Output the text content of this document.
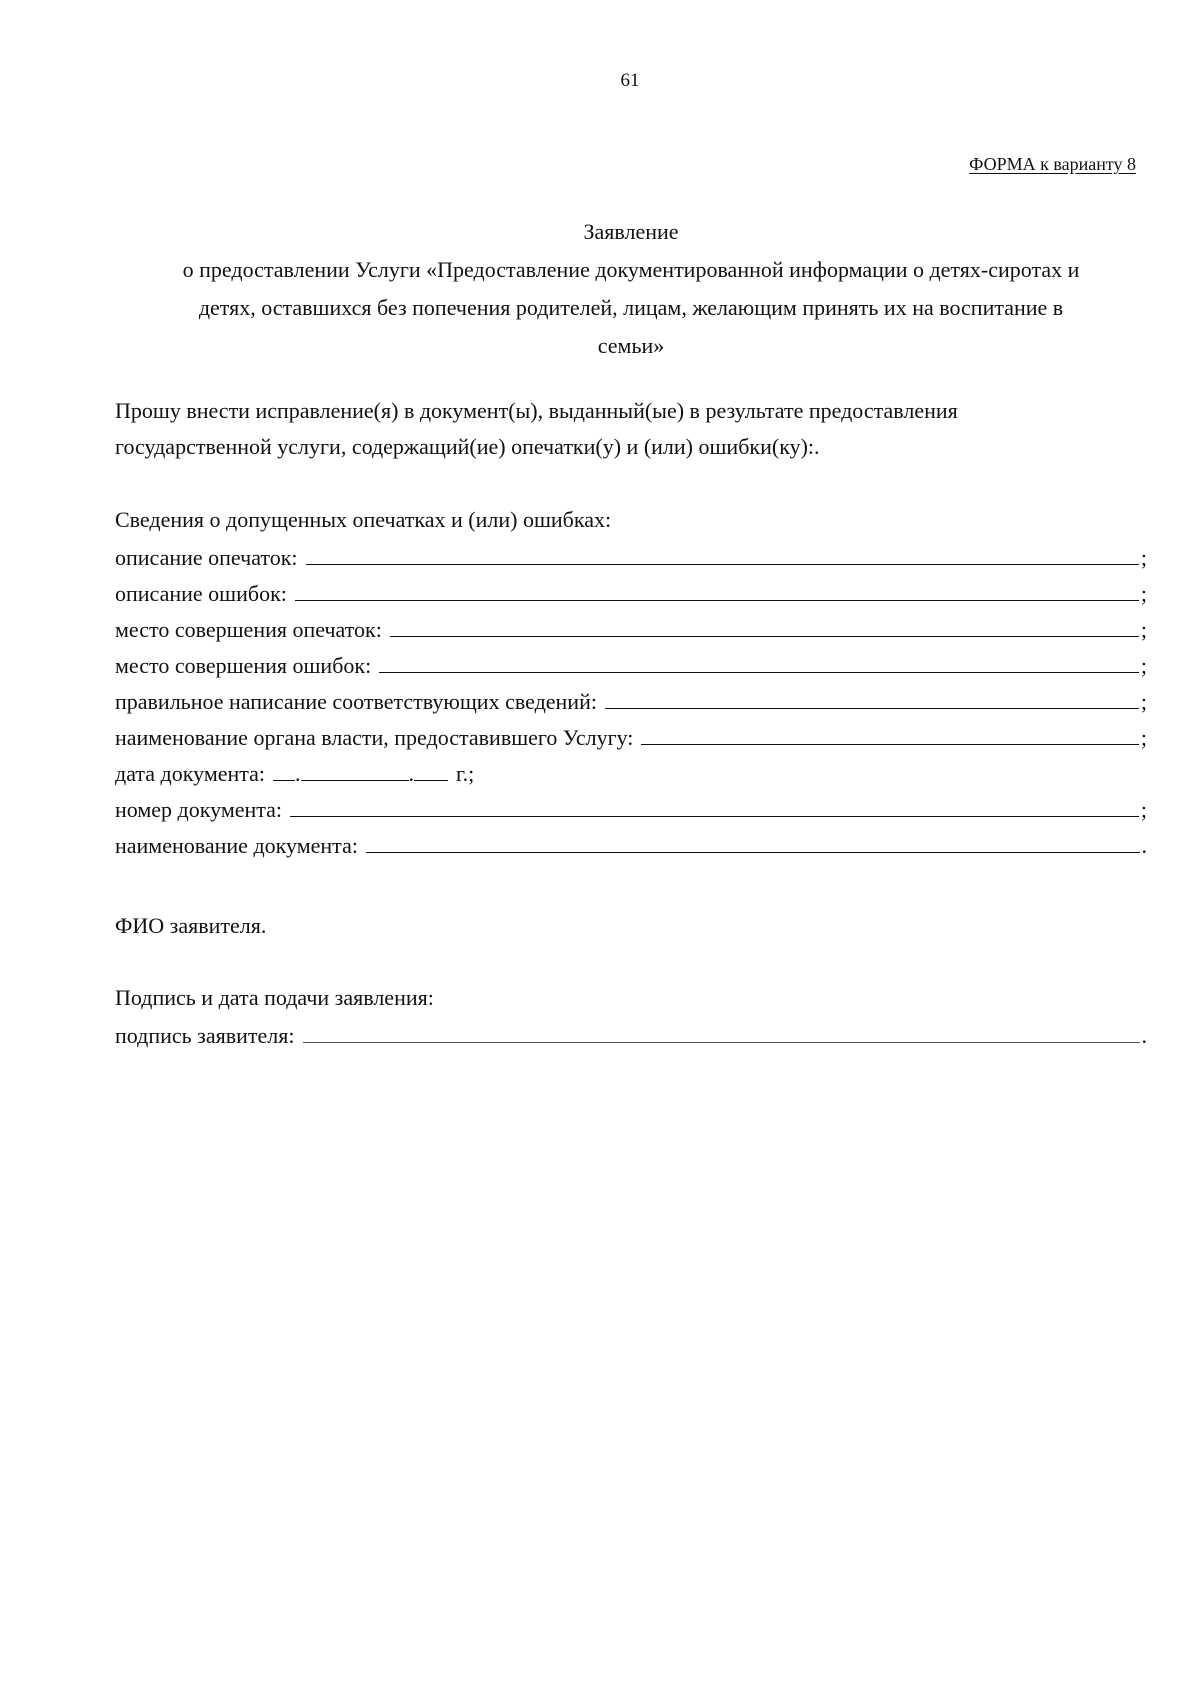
61
ФОРМА к варианту 8
Заявление
о предоставлении Услуги «Предоставление документированной информации о детях-сиротах и
детях, оставшихся без попечения родителей, лицам, желающим принять их на воспитание в
семьи»
Прошу внести исправление(я) в документ(ы), выданный(ые) в результате предоставления
государственной услуги, содержащий(ие) опечатки(у) и (или) ошибки(ку):.
Сведения о допущенных опечатках и (или) ошибках:
описание опечаток:	;
описание ошибок:	;
место совершения опечаток:	;
место совершения ошибок:	;
правильное написание соответствующих сведений:	;
наименование органа власти, предоставившего Услугу:	;
дата документа: .	. г.;
номер документа:	;
наименование документа:	.
ФИО заявителя.
Подпись и дата подачи заявления:
подпись заявителя:	.
